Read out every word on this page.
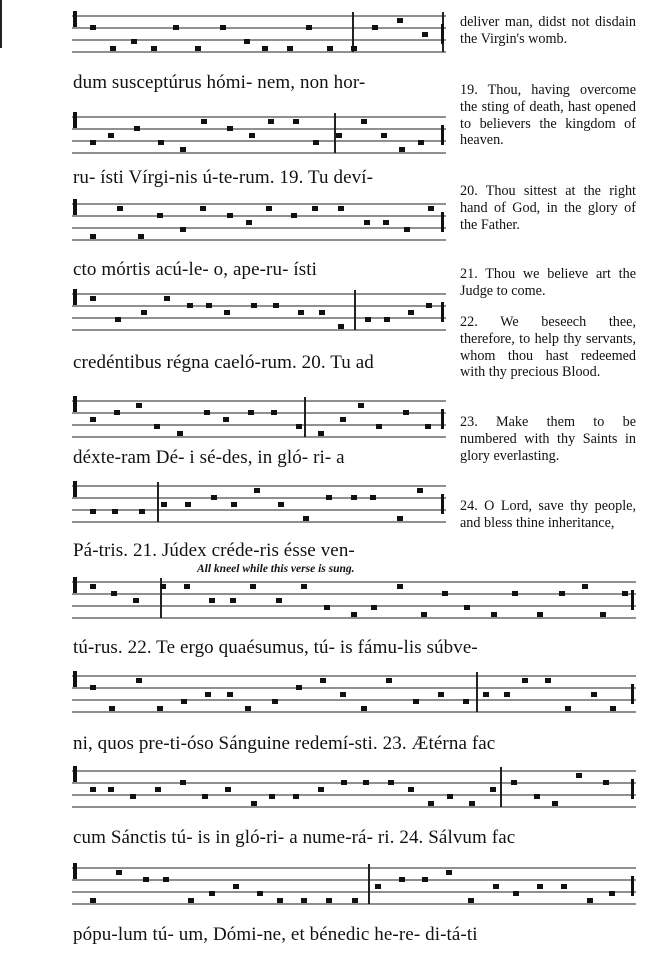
dum susceptúrus hómi- nem, non hor-
ru- ísti Vírgi-nis ú-te-rum. 19. Tu deví-
cto mórtis acú-le- o, ape-ru- ísti
credéntibus régna caeló-rum. 20. Tu ad
déxte-ram Dé- i sé-des, in gló- ri- a
Pá-tris. 21. Júdex créde-ris ésse ven-
tú-rus. 22. Te ergo quaésumus, tú- is fámu-lis súbve-
ni, quos pre-ti-óso Sánguine redemí-sti. 23. Ætérna fac
cum Sánctis tú- is in gló-ri- a nume-rá- ri. 24. Sálvum fac
pópu-lum tú- um, Dómi-ne, et bénedic he-re- di-tá-ti
All kneel while this verse is sung.

deliver man, didst not disdain the Virgin's womb.

19. Thou, having overcome the sting of death, hast opened to believers the kingdom of heaven.

20. Thou sittest at the right hand of God, in the glory of the Father.

21. Thou we believe art the Judge to come.

22. We beseech thee, therefore, to help thy servants, whom thou hast redeemed with thy precious Blood.

23. Make them to be numbered with thy Saints in glory everlasting.

24. O Lord, save thy people, and bless thine inheritance,
